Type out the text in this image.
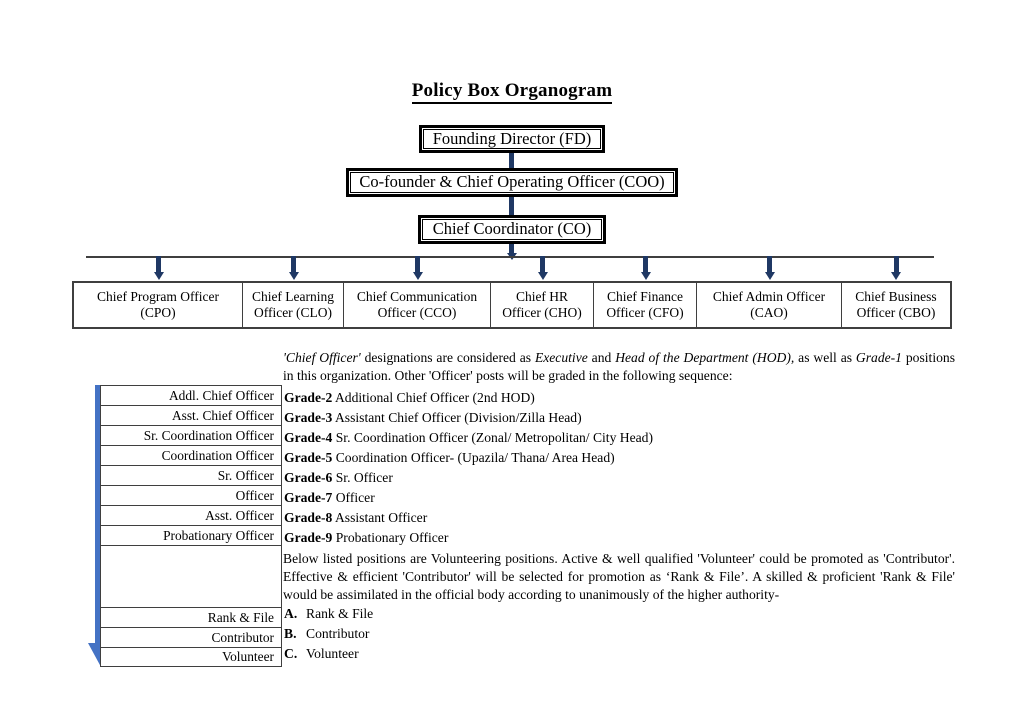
Policy Box Organogram
Founding Director (FD)
Co-founder & Chief Operating Officer (COO)
Chief Coordinator (CO)
Chief Program Officer
(CPO)
Chief Learning
Officer (CLO)
Chief Communication
Officer (CCO)
Chief HR
Officer (CHO)
Chief Finance
Officer (CFO)
Chief Admin Officer
(CAO)
Chief Business
Officer (CBO)
'Chief Officer' designations are considered as Executive and Head of the Department (HOD), as well as Grade-1 positions in this organization. Other 'Officer' posts will be graded in the following sequence:
Addl. Chief Officer
Asst. Chief Officer
Sr. Coordination Officer
Coordination Officer
Sr. Officer
Officer
Asst. Officer
Probationary Officer
Rank & File
Contributor
Volunteer
Grade-2 Additional Chief Officer (2nd HOD)
Grade-3 Assistant Chief Officer (Division/Zilla Head)
Grade-4 Sr. Coordination Officer (Zonal/ Metropolitan/ City Head)
Grade-5 Coordination Officer- (Upazila/ Thana/ Area Head)
Grade-6 Sr. Officer
Grade-7 Officer
Grade-8 Assistant Officer
Grade-9 Probationary Officer
Below listed positions are Volunteering positions. Active & well qualified 'Volunteer' could be promoted as 'Contributor'. Effective & efficient 'Contributor' will be selected for promotion as ‘Rank & File’. A skilled & proficient 'Rank & File' would be assimilated in the official body according to unanimously of the higher authority-
A. Rank & File
B. Contributor
C. Volunteer
